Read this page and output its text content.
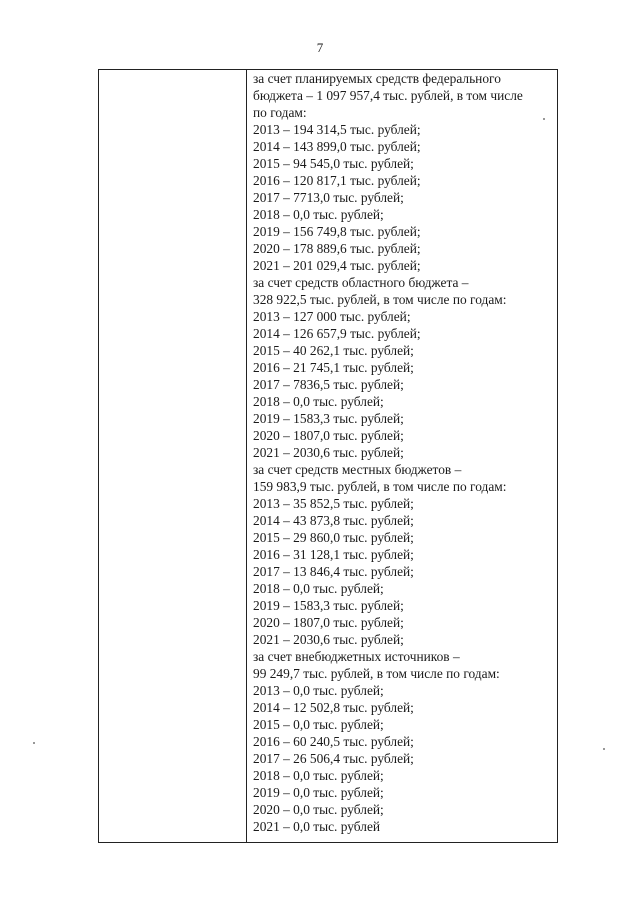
7
за счет планируемых средств федерального
бюджета – 1 097 957,4 тыс. рублей, в том числе
по годам:
2013 – 194 314,5 тыс. рублей;
2014 – 143 899,0 тыс. рублей;
2015 – 94 545,0 тыс. рублей;
2016 – 120 817,1 тыс. рублей;
2017 – 7713,0 тыс. рублей;
2018 – 0,0 тыс. рублей;
2019 – 156 749,8 тыс. рублей;
2020 – 178 889,6 тыс. рублей;
2021 – 201 029,4 тыс. рублей;
за счет средств областного бюджета –
328 922,5 тыс. рублей, в том числе по годам:
2013 – 127 000 тыс. рублей;
2014 – 126 657,9 тыс. рублей;
2015 – 40 262,1 тыс. рублей;
2016 – 21 745,1 тыс. рублей;
2017 – 7836,5 тыс. рублей;
2018 – 0,0 тыс. рублей;
2019 – 1583,3 тыс. рублей;
2020 – 1807,0 тыс. рублей;
2021 – 2030,6 тыс. рублей;
за счет средств местных бюджетов –
159 983,9 тыс. рублей, в том числе по годам:
2013 – 35 852,5 тыс. рублей;
2014 – 43 873,8 тыс. рублей;
2015 – 29 860,0 тыс. рублей;
2016 – 31 128,1 тыс. рублей;
2017 – 13 846,4 тыс. рублей;
2018 – 0,0 тыс. рублей;
2019 – 1583,3 тыс. рублей;
2020 – 1807,0 тыс. рублей;
2021 – 2030,6 тыс. рублей;
за счет внебюджетных источников –
99 249,7 тыс. рублей, в том числе по годам:
2013 – 0,0 тыс. рублей;
2014 – 12 502,8 тыс. рублей;
2015 – 0,0 тыс. рублей;
2016 – 60 240,5 тыс. рублей;
2017 – 26 506,4 тыс. рублей;
2018 – 0,0 тыс. рублей;
2019 – 0,0 тыс. рублей;
2020 – 0,0 тыс. рублей;
2021 – 0,0 тыс. рублей
